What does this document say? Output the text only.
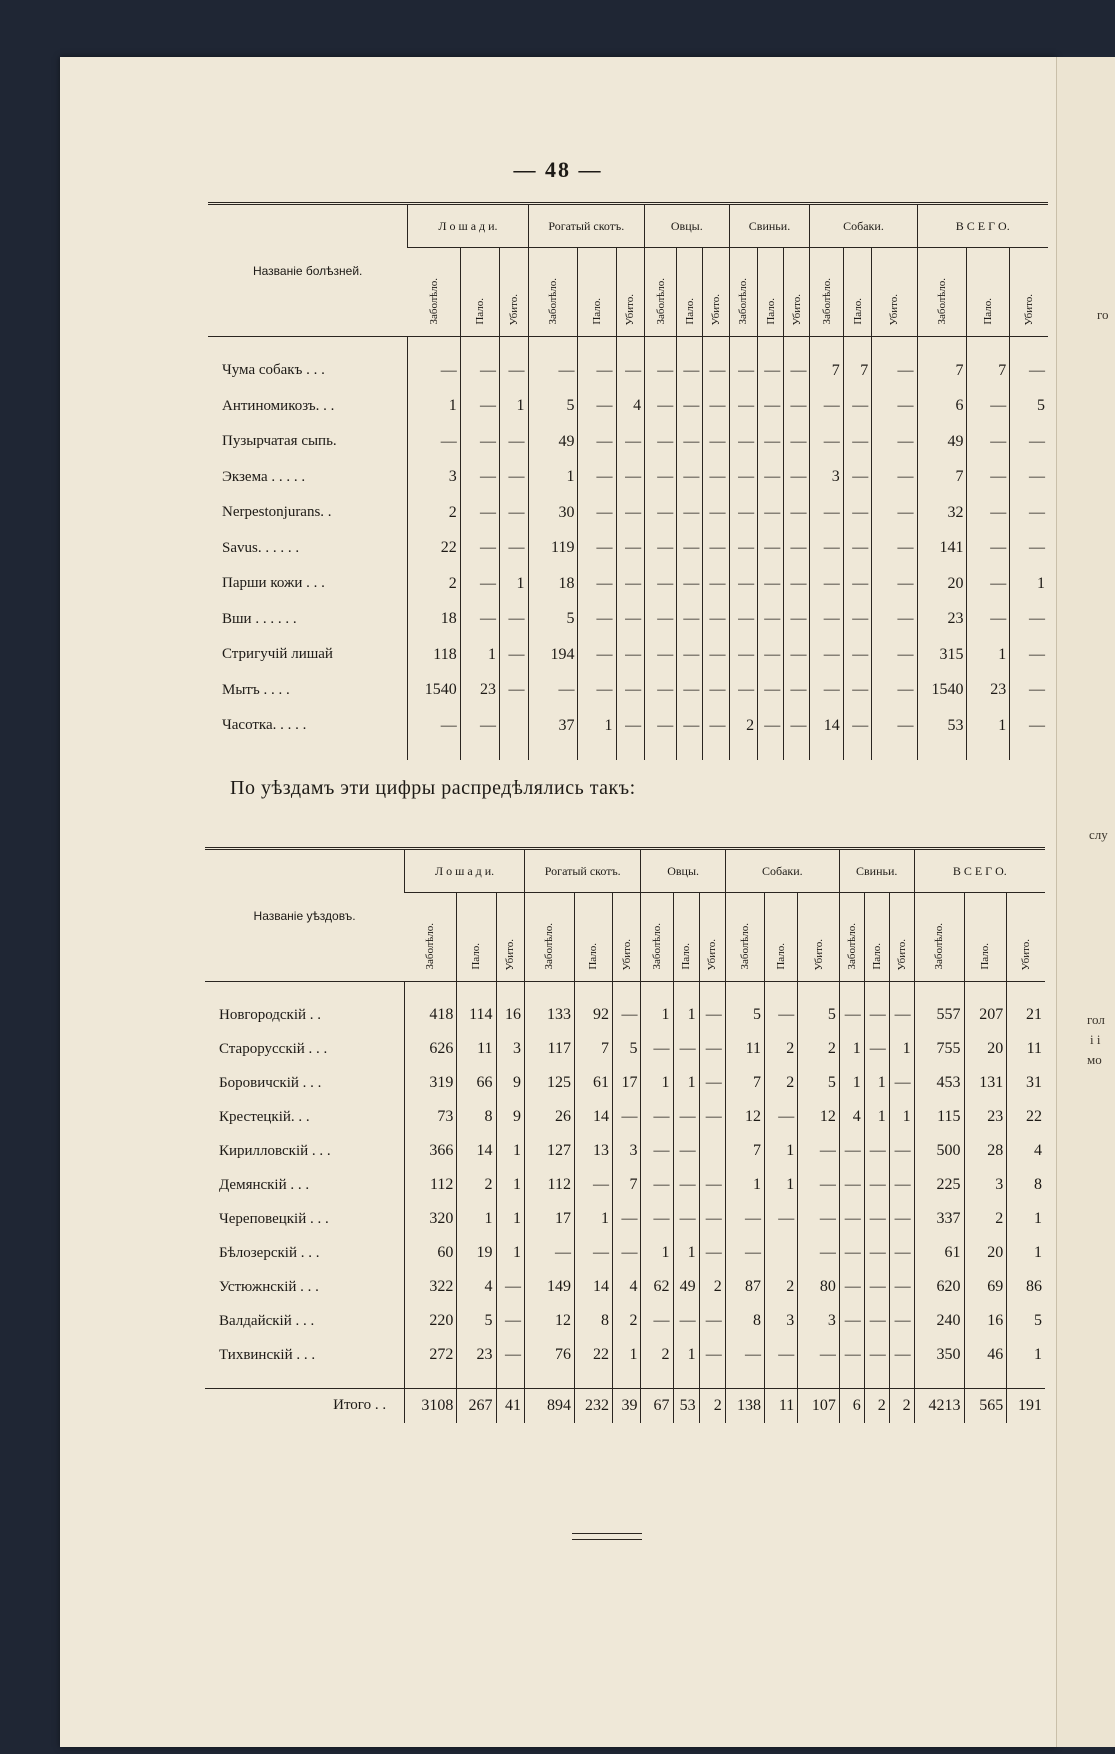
— 48 —
Названіе болѣзней.	Л о ш а д и.			Рогатый скотъ.			Овцы.			Свиньи.			Собаки.			В С Е Г О.		
	Заболѣло.	Пало.	Убито.	Заболѣло.	Пало.	Убито.	Заболѣло.	Пало.	Убито.	Заболѣло.	Пало.	Убито.	Заболѣло.	Пало.	Убито.	Заболѣло.	Пало.	Убито.

Чума собакъ . . .	—	—	—	—	—	—	—	—	—	—	—	—	7	7	—	7	7	—
Антиномикозъ. . .	1	—	1	5	—	4	—	—	—	—	—	—	—	—	—	6	—	5
Пузырчатая сыпь.	—	—	—	49	—	—	—	—	—	—	—	—	—	—	—	49	—	—
Экзема . . . . .	3	—	—	1	—	—	—	—	—	—	—	—	3	—	—	7	—	—
Nerpestonjurans. .	2	—	—	30	—	—	—	—	—	—	—	—	—	—	—	32	—	—
Savus. . . . . .	22	—	—	119	—	—	—	—	—	—	—	—	—	—	—	141	—	—
Парши кожи . . .	2	—	1	18	—	—	—	—	—	—	—	—	—	—	—	20	—	1
Вши . . . . . .	18	—	—	5	—	—	—	—	—	—	—	—	—	—	—	23	—	—
Стригучій лишай	118	1	—	194	—	—	—	—	—	—	—	—	—	—	—	315	1	—
Мытъ . . . .	1540	23	—	—	—	—	—	—	—	—	—	—	—	—	—	1540	23	—
Часотка. . . . .	—	—		37	1	—	—	—	—	2	—	—	14	—	—	53	1	—

По уѣздамъ эти цифры распредѣлялись такъ:
Названіе уѣздовъ.	Л о ш а д и.			Рогатый скотъ.			Овцы.			Собаки.			Свиньи.			В С Е Г О.		
	Заболѣло.	Пало.	Убито.	Заболѣло.	Пало.	Убито.	Заболѣло.	Пало.	Убито.	Заболѣло.	Пало.	Убито.	Заболѣло.	Пало.	Убито.	Заболѣло.	Пало.	Убито.

Новгородскій . .	418	114	16	133	92	—	1	1	—	5	—	5	—	—	—	557	207	21
Старорусскій . . .	626	11	3	117	7	5	—	—	—	11	2	2	1	—	1	755	20	11
Боровичскій . . .	319	66	9	125	61	17	1	1	—	7	2	5	1	1	—	453	131	31
Крестецкій. . .	73	8	9	26	14	—	—	—	—	12	—	12	4	1	1	115	23	22
Кирилловскій . . .	366	14	1	127	13	3	—	—		7	1	—	—	—	—	500	28	4
Демянскій . . .	112	2	1	112	—	7	—	—	—	1	1	—	—	—	—	225	3	8
Череповецкій . . .	320	1	1	17	1	—	—	—	—	—	—	—	—	—	—	337	2	1
Бѣлозерскій . . .	60	19	1	—	—	—	1	1	—	—		—	—	—	—	61	20	1
Устюжнскій . . .	322	4	—	149	14	4	62	49	2	87	2	80	—	—	—	620	69	86
Валдайскій . . .	220	5	—	12	8	2	—	—	—	8	3	3	—	—	—	240	16	5
Тихвинскій . . .	272	23	—	76	22	1	2	1	—	—	—	—	—	—	—	350	46	1

Итого . .	3108	267	41	894	232	39	67	53	2	138	11	107	6	2	2	4213	565	191
го
слу
гол
і і
мо
